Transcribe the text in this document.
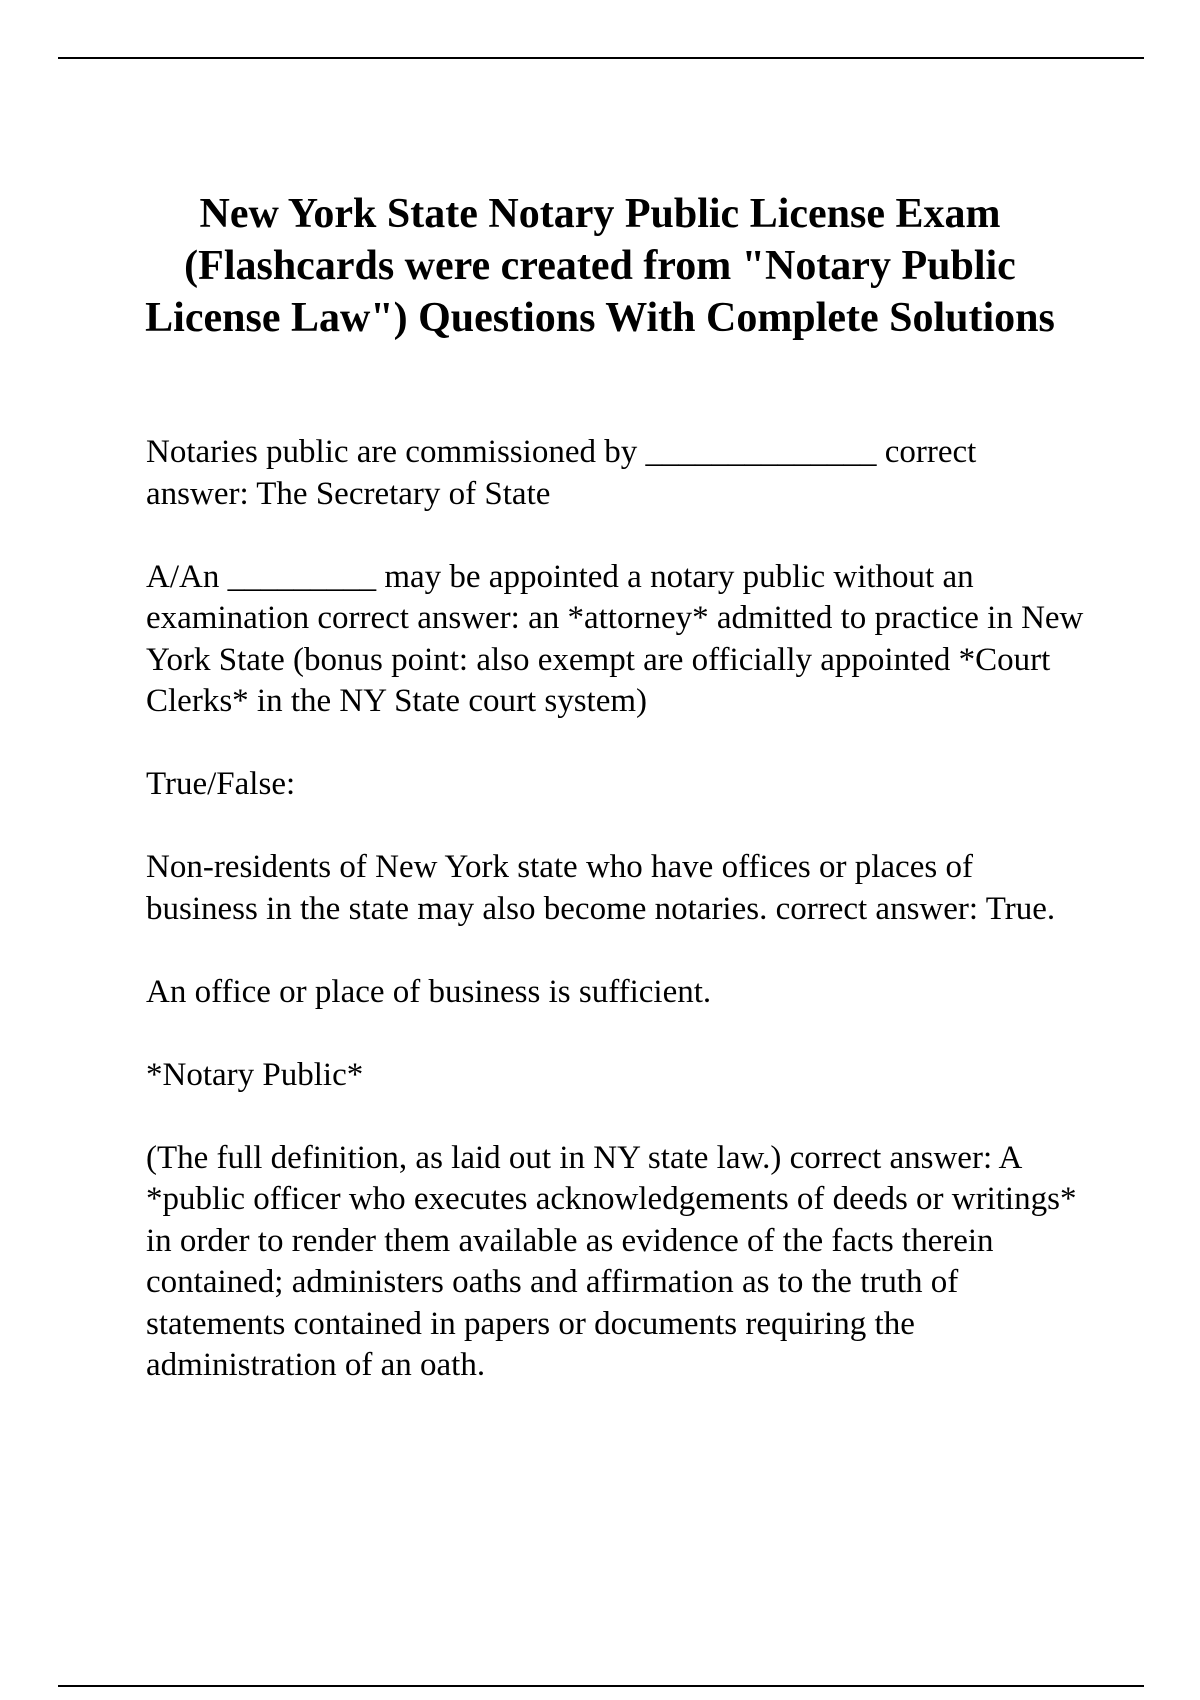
New York State Notary Public License Exam (Flashcards were created from "Notary Public License Law") Questions With Complete Solutions

Notaries public are commissioned by ______________ correct answer: The Secretary of State

A/An _________ may be appointed a notary public without an examination correct answer: an *attorney* admitted to practice in New York State (bonus point: also exempt are officially appointed *Court Clerks* in the NY State court system)

True/False:

Non-residents of New York state who have offices or places of business in the state may also become notaries. correct answer: True.

An office or place of business is sufficient.

*Notary Public*

(The full definition, as laid out in NY state law.) correct answer: A *public officer who executes acknowledgements of deeds or writings* in order to render them available as evidence of the facts therein contained; administers oaths and affirmation as to the truth of statements contained in papers or documents requiring the administration of an oath.
